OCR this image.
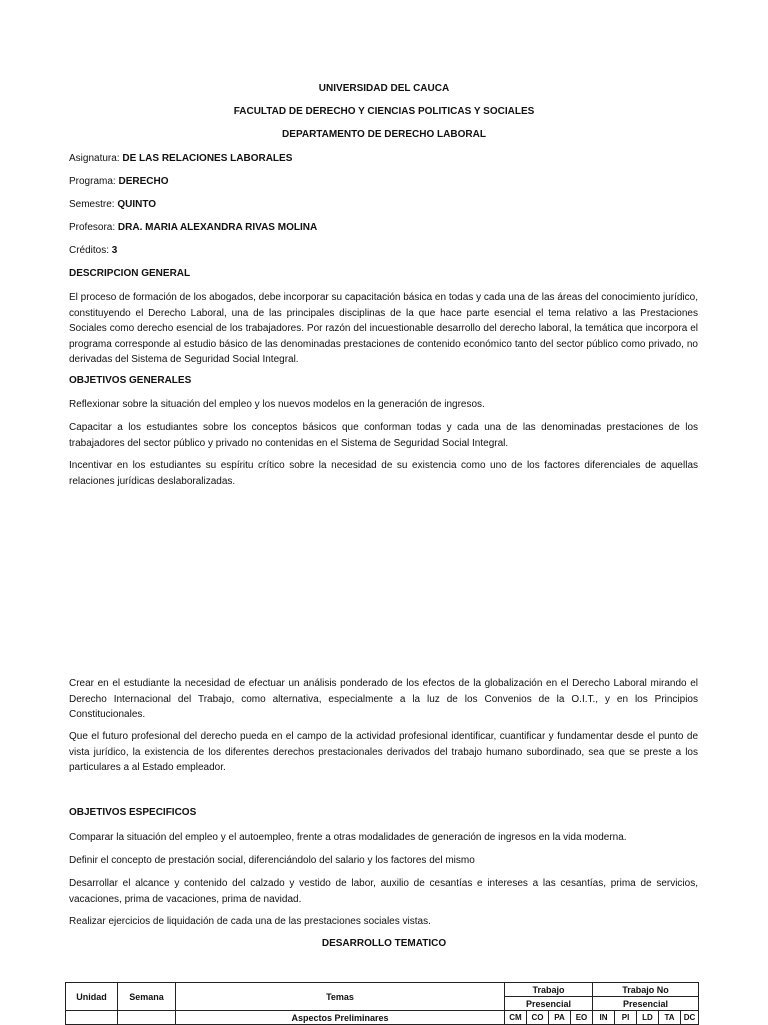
UNIVERSIDAD DEL CAUCA
FACULTAD DE DERECHO Y CIENCIAS POLITICAS Y SOCIALES
DEPARTAMENTO DE DERECHO LABORAL
Asignatura: DE LAS RELACIONES LABORALES
Programa: DERECHO
Semestre: QUINTO
Profesora: DRA. MARIA ALEXANDRA RIVAS MOLINA
Créditos: 3
DESCRIPCION GENERAL

El proceso de formación de los abogados, debe incorporar su capacitación básica en todas y cada una de las áreas del conocimiento jurídico, constituyendo el Derecho Laboral, una de las principales disciplinas de la que hace parte esencial el tema relativo a las Prestaciones Sociales como derecho esencial de los trabajadores. Por razón del incuestionable desarrollo del derecho laboral, la temática que incorpora el programa corresponde al estudio básico de las denominadas prestaciones de contenido económico tanto del sector público como privado, no derivadas del Sistema de Seguridad Social Integral.

OBJETIVOS GENERALES

Reflexionar sobre la situación del empleo y los nuevos modelos en la generación de ingresos.

Capacitar a los estudiantes sobre los conceptos básicos que conforman todas y cada una de las denominadas prestaciones de los trabajadores del sector público y privado no contenidas en el Sistema de Seguridad Social Integral.

Incentivar en los estudiantes su espíritu crítico sobre la necesidad de su existencia como uno de los factores diferenciales de aquellas relaciones jurídicas deslaboralizadas.

Crear en el estudiante la necesidad de efectuar un análisis ponderado de los efectos de la globalización en el Derecho Laboral mirando el Derecho Internacional del Trabajo, como alternativa, especialmente a la luz de los Convenios de la O.I.T., y en los Principios Constitucionales.

Que el futuro profesional del derecho pueda en el campo de la actividad profesional identificar, cuantificar y fundamentar desde el punto de vista jurídico, la existencia de los diferentes derechos prestacionales derivados del trabajo humano subordinado, sea que se preste a los particulares a al Estado empleador.

OBJETIVOS ESPECIFICOS

Comparar la situación del empleo y el autoempleo, frente a otras modalidades de generación de ingresos en la vida moderna.

Definir el concepto de prestación social, diferenciándolo del salario y los factores del mismo

Desarrollar el alcance y contenido del calzado y vestido de labor, auxilio de cesantías e intereses a las cesantías, prima de servicios, vacaciones, prima de vacaciones, prima de navidad.

Realizar ejercicios de liquidación de cada una de las prestaciones sociales vistas.

DESARROLLO TEMATICO
Unidad	Semana	Temas	Trabajo				Trabajo No				
			Presencial				Presencial				
		Aspectos Preliminares	CM	CO	PA	EO	IN	PI	LD	TA	DC
